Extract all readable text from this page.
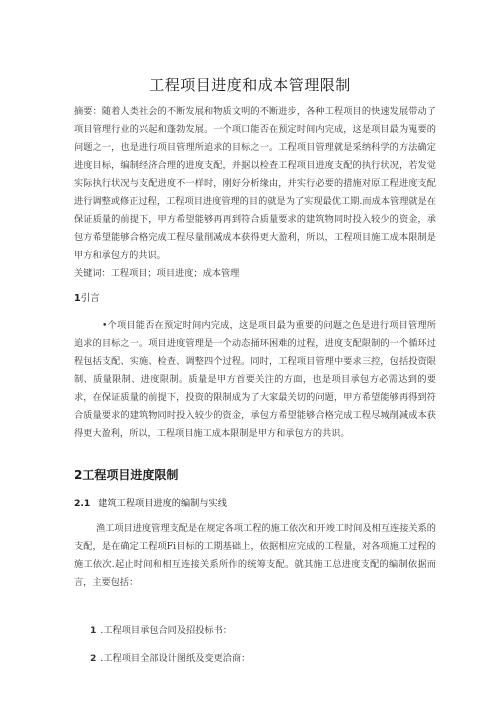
工程项目进度和成本管理限制

摘要：随着人类社会的不断发展和物质文明的不断进步，各种工程项目的快速发展带动了项目管理行业的兴起和蓬勃发展。一个项口能否在预定时间内完成，这是项目最为嵬要的问题之一，也是进行项目管理所追求的目标之一。工程项目管理就是采纳科学的方法确定进度目标，编制经济合理的进度支配，并据以检查工程项目进度支配的执行状况，若发觉实际执行状况与支配进度不一样时，刚好分析缘由，并实行必要的措施对原工程进度支配进行调整或修正过程，工程项目进度管理的目的就是为了实现最优工期.而成本管理就是在保证质量的前提下，甲方希望能够再再到符合质量要求的建筑物同时投入较少的资金，承包方希望能够合格完成工程尽量削减成本获得更大盈利，所以，工程项目施工成本限制是甲方和承包方的共识。

关键词：工程项目；项目进度；成本管理

1引言

•个项目能否在预定时间内完成，这是项目最为重要的问题之色是进行项目管理所追求的目标之一。项目进度管理是一个动态捅环困难的过程，进度支配限制的一个循环过程包括支配、实施、检查、调整四个过程。同时，工程项目管理中要求三控，包括投资限制、质量限制、进度限制。质量是甲方首要关注的方面，也是项目承包方必需达到的要求，在保证质量的前提下，投资的限制成为了大家最关切的问题，甲方希望能够再得到符合质量要求的建筑物同时投入较少的资金，承包方希望能够合格完成工程尽城削减成本获得更大盈利，所以，工程项目施工成本限制是甲方和承包方的共识。

2工程项目进度限制

2.1 建筑工程项目进度的编制与实线

渔工项目进度管理支配是在规定各项工程的施工依次和开竣工时间及相互连接关系的支配，是在确定工程项Fi目标的工期基础上，依据相应完成的工程量，对各项施工过程的施工依次.起止时间和相互连接关系所作的统筹支配。就其施工总进度支配的编制依据而言，主要包括：

1 .工程项目承包合同及招投标书：

2 .工程项目全部设计图纸及变更洽商：
